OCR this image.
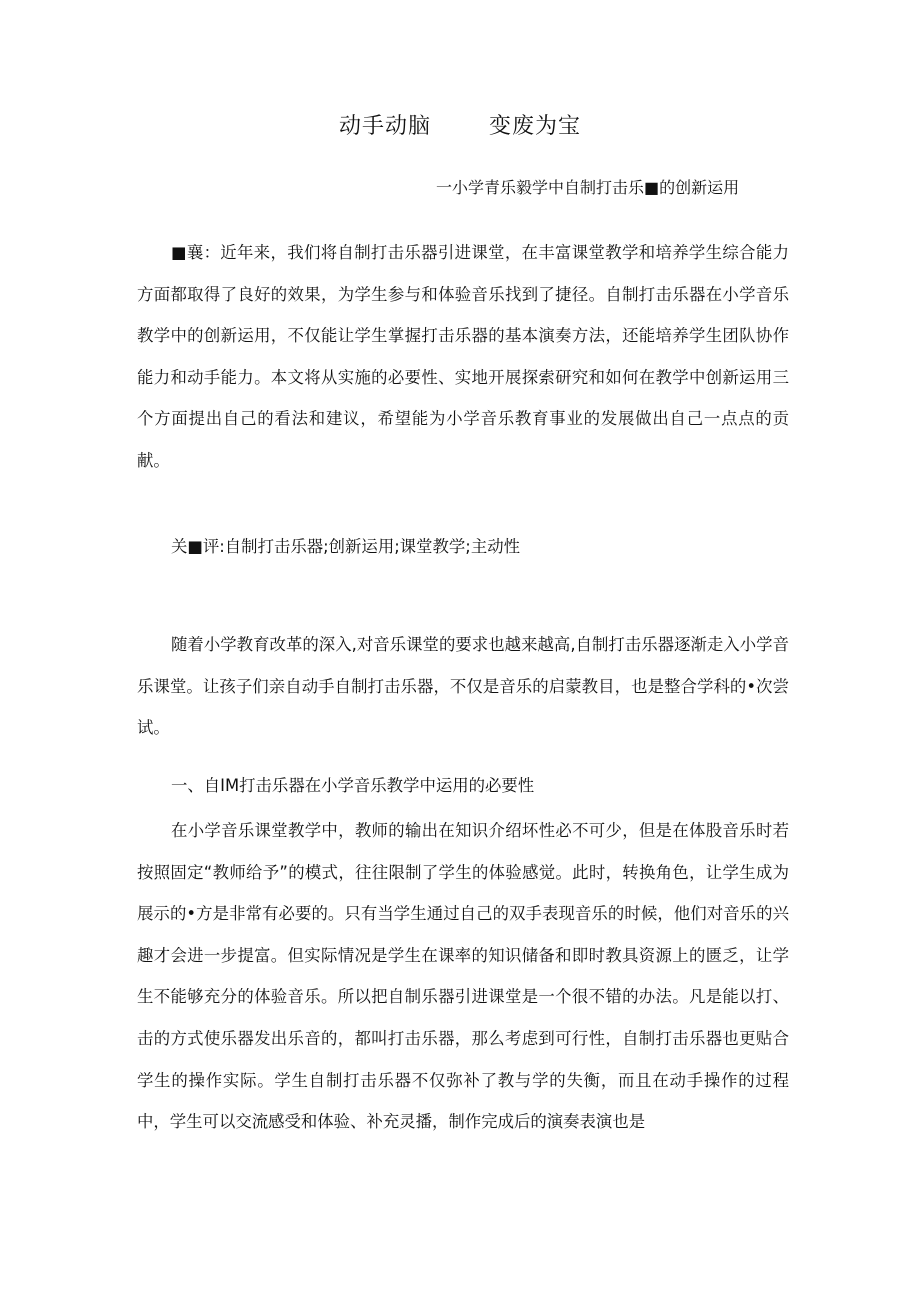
动手动脑	变废为宝
一小学青乐毅学中自制打击乐■的创新运用

■襄：近年来，我们将自制打击乐器引进课堂，在丰富课堂教学和培养学生综合能力方面都取得了良好的效果，为学生参与和体验音乐找到了捷径。自制打击乐器在小学音乐教学中的创新运用，不仅能让学生掌握打击乐器的基本演奏方法，还能培养学生团队协作能力和动手能力。本文将从实施的必要性、实地开展探索研究和如何在教学中创新运用三个方面提出自己的看法和建议，希望能为小学音乐教育事业的发展做出自己一点点的贡献。

关■评:自制打击乐器;创新运用;课堂教学;主动性

随着小学教育改革的深入,对音乐课堂的要求也越来越高,自制打击乐器逐渐走入小学音乐课堂。让孩子们亲自动手自制打击乐器，不仅是音乐的启蒙教目，也是整合学科的•次尝试。

一、自IM打击乐器在小学音乐教学中运用的必要性

在小学音乐课堂教学中，教师的输出在知识介绍坏性必不可少，但是在体股音乐时若按照固定“教师给予”的模式，往往限制了学生的体验感觉。此时，转换角色，让学生成为展示的•方是非常有必要的。只有当学生通过自己的双手表现音乐的时候，他们对音乐的兴趣才会进一步提富。但实际情况是学生在课率的知识储备和即时教具资源上的匮乏，让学生不能够充分的体验音乐。所以把自制乐器引进课堂是一个很不错的办法。凡是能以打、击的方式使乐器发出乐音的，都叫打击乐器，那么考虑到可行性，自制打击乐器也更贴合学生的操作实际。学生自制打击乐器不仅弥补了教与学的失衡，而且在动手操作的过程中，学生可以交流感受和体验、补充灵播，制作完成后的演奏表演也是
